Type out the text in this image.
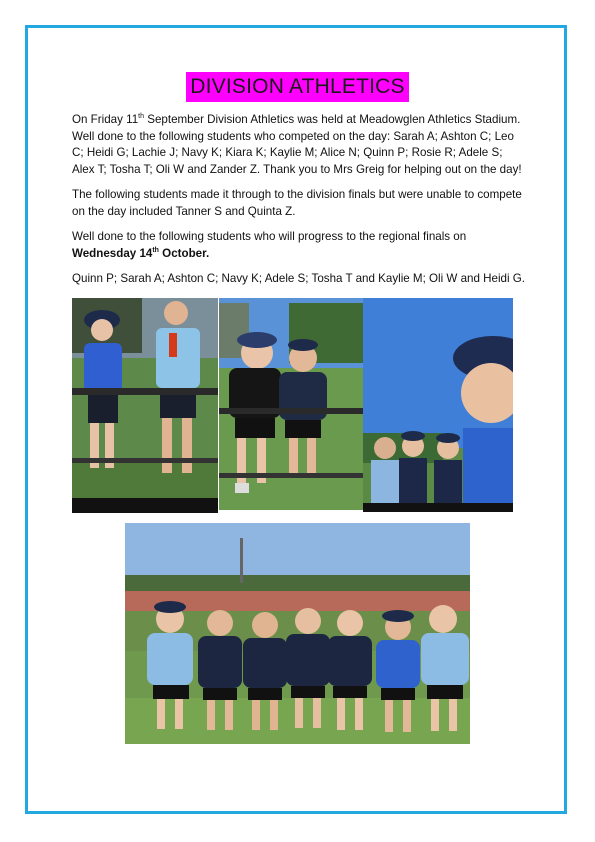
DIVISION ATHLETICS

On Friday 11th September Division Athletics was held at Meadowglen Athletics Stadium. Well done to the following students who competed on the day: Sarah A; Ashton C; Leo C; Heidi G; Lachie J; Navy K; Kiara K; Kaylie M; Alice N; Quinn P; Rosie R; Adele S; Alex T; Tosha T; Oli W and Zander Z. Thank you to Mrs Greig for helping out on the day!

The following students made it through to the division finals but were unable to compete on the day included Tanner S and Quinta Z.

Well done to the following students who will progress to the regional finals on Wednesday 14th October.

Quinn P; Sarah A; Ashton C; Navy K; Adele S; Tosha T and Kaylie M; Oli W and Heidi G.
